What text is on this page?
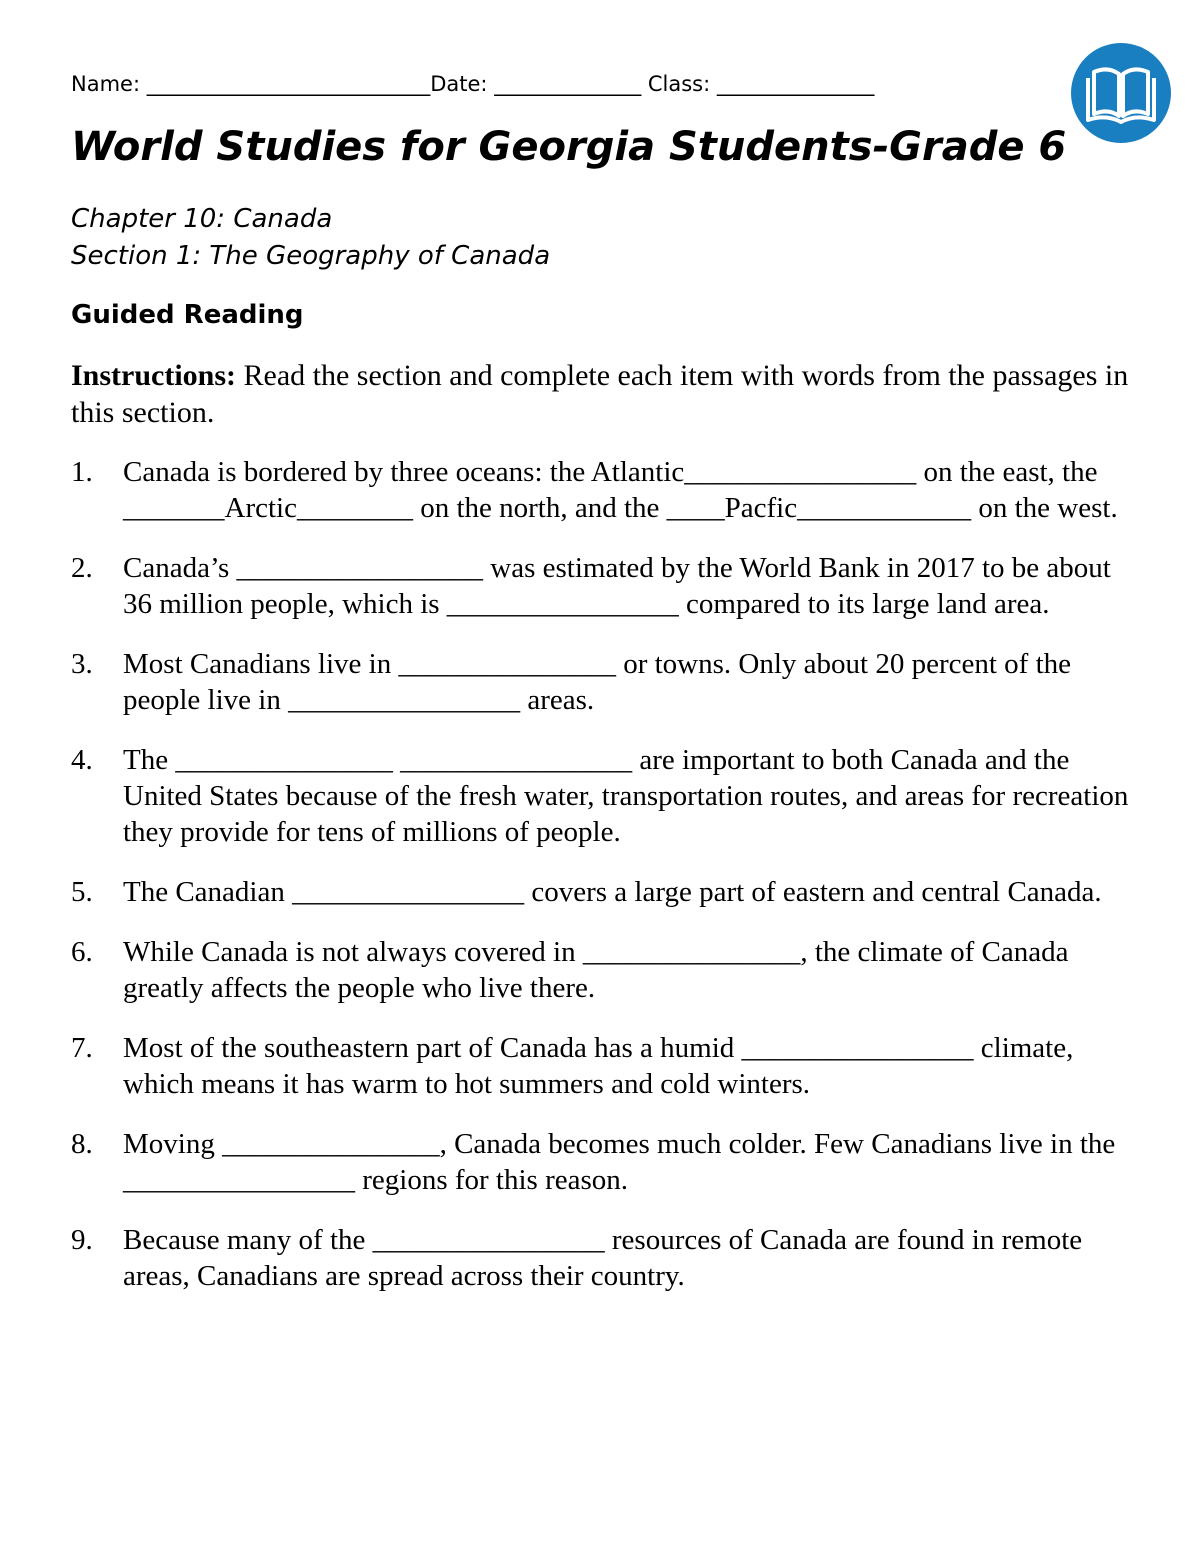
Name: ___________________________Date: ______________ Class: _______________
World Studies for Georgia Students-Grade 6
Chapter 10: Canada
Section 1: The Geography of Canada
Guided Reading
Instructions: Read the section and complete each item with words from the passages in this section.
1. Canada is bordered by three oceans: the Atlantic________________ on the east, the _______Arctic________ on the north, and the ____Pacfic____________ on the west.
2. Canada’s _________________ was estimated by the World Bank in 2017 to be about 36 million people, which is ________________ compared to its large land area.
3. Most Canadians live in _______________ or towns. Only about 20 percent of the people live in ________________ areas.
4. The _______________ ________________ are important to both Canada and the United States because of the fresh water, transportation routes, and areas for recreation they provide for tens of millions of people.
5. The Canadian ________________ covers a large part of eastern and central Canada.
6. While Canada is not always covered in _______________, the climate of Canada greatly affects the people who live there.
7. Most of the southeastern part of Canada has a humid ________________ climate, which means it has warm to hot summers and cold winters.
8. Moving _______________, Canada becomes much colder. Few Canadians live in the ________________ regions for this reason.
9. Because many of the ________________ resources of Canada are found in remote areas, Canadians are spread across their country.
